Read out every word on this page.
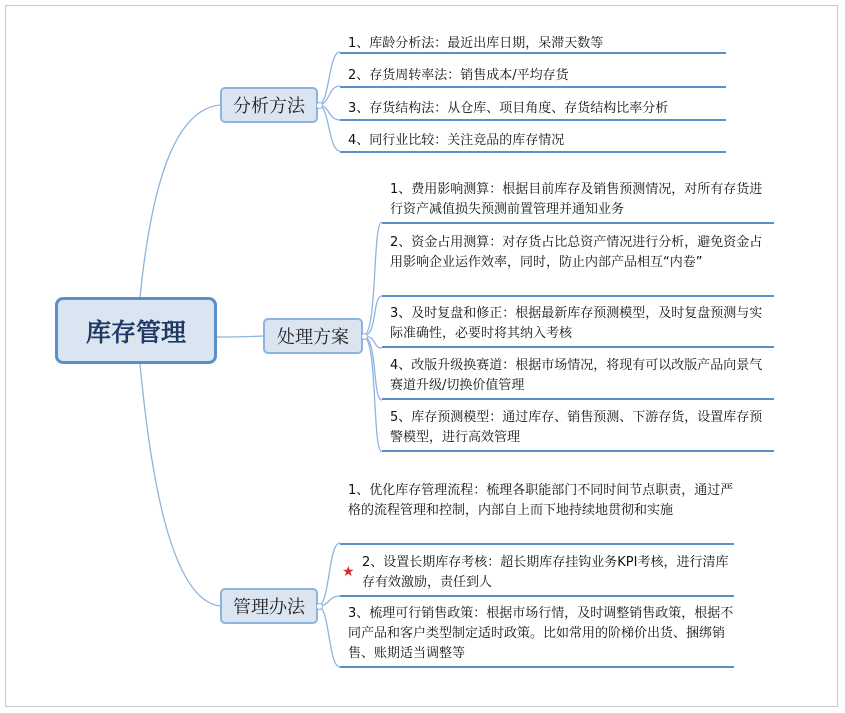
库存管理
分析方法
处理方案
管理办法
1、库龄分析法：最近出库日期，呆滞天数等
2、存货周转率法：销售成本/平均存货
3、存货结构法：从仓库、项目角度、存货结构比率分析
4、同行业比较：关注竞品的库存情况
1、费用影响测算：根据目前库存及销售预测情况，对所有存货进行资产减值损失预测前置管理并通知业务
2、资金占用测算：对存货占比总资产情况进行分析，避免资金占用影响企业运作效率，同时，防止内部产品相互“内卷”
3、及时复盘和修正：根据最新库存预测模型，及时复盘预测与实际准确性，必要时将其纳入考核
4、改版升级换赛道：根据市场情况，将现有可以改版产品向景气赛道升级/切换价值管理
5、库存预测模型：通过库存、销售预测、下游存货，设置库存预警模型，进行高效管理
1、优化库存管理流程：梳理各职能部门不同时间节点职责，通过严格的流程管理和控制，内部自上而下地持续地贯彻和实施
2、设置长期库存考核：超长期库存挂钩业务KPI考核，进行清库存有效激励，责任到人
3、梳理可行销售政策：根据市场行情，及时调整销售政策，根据不同产品和客户类型制定适时政策。比如常用的阶梯价出货、捆绑销售、账期适当调整等
★
